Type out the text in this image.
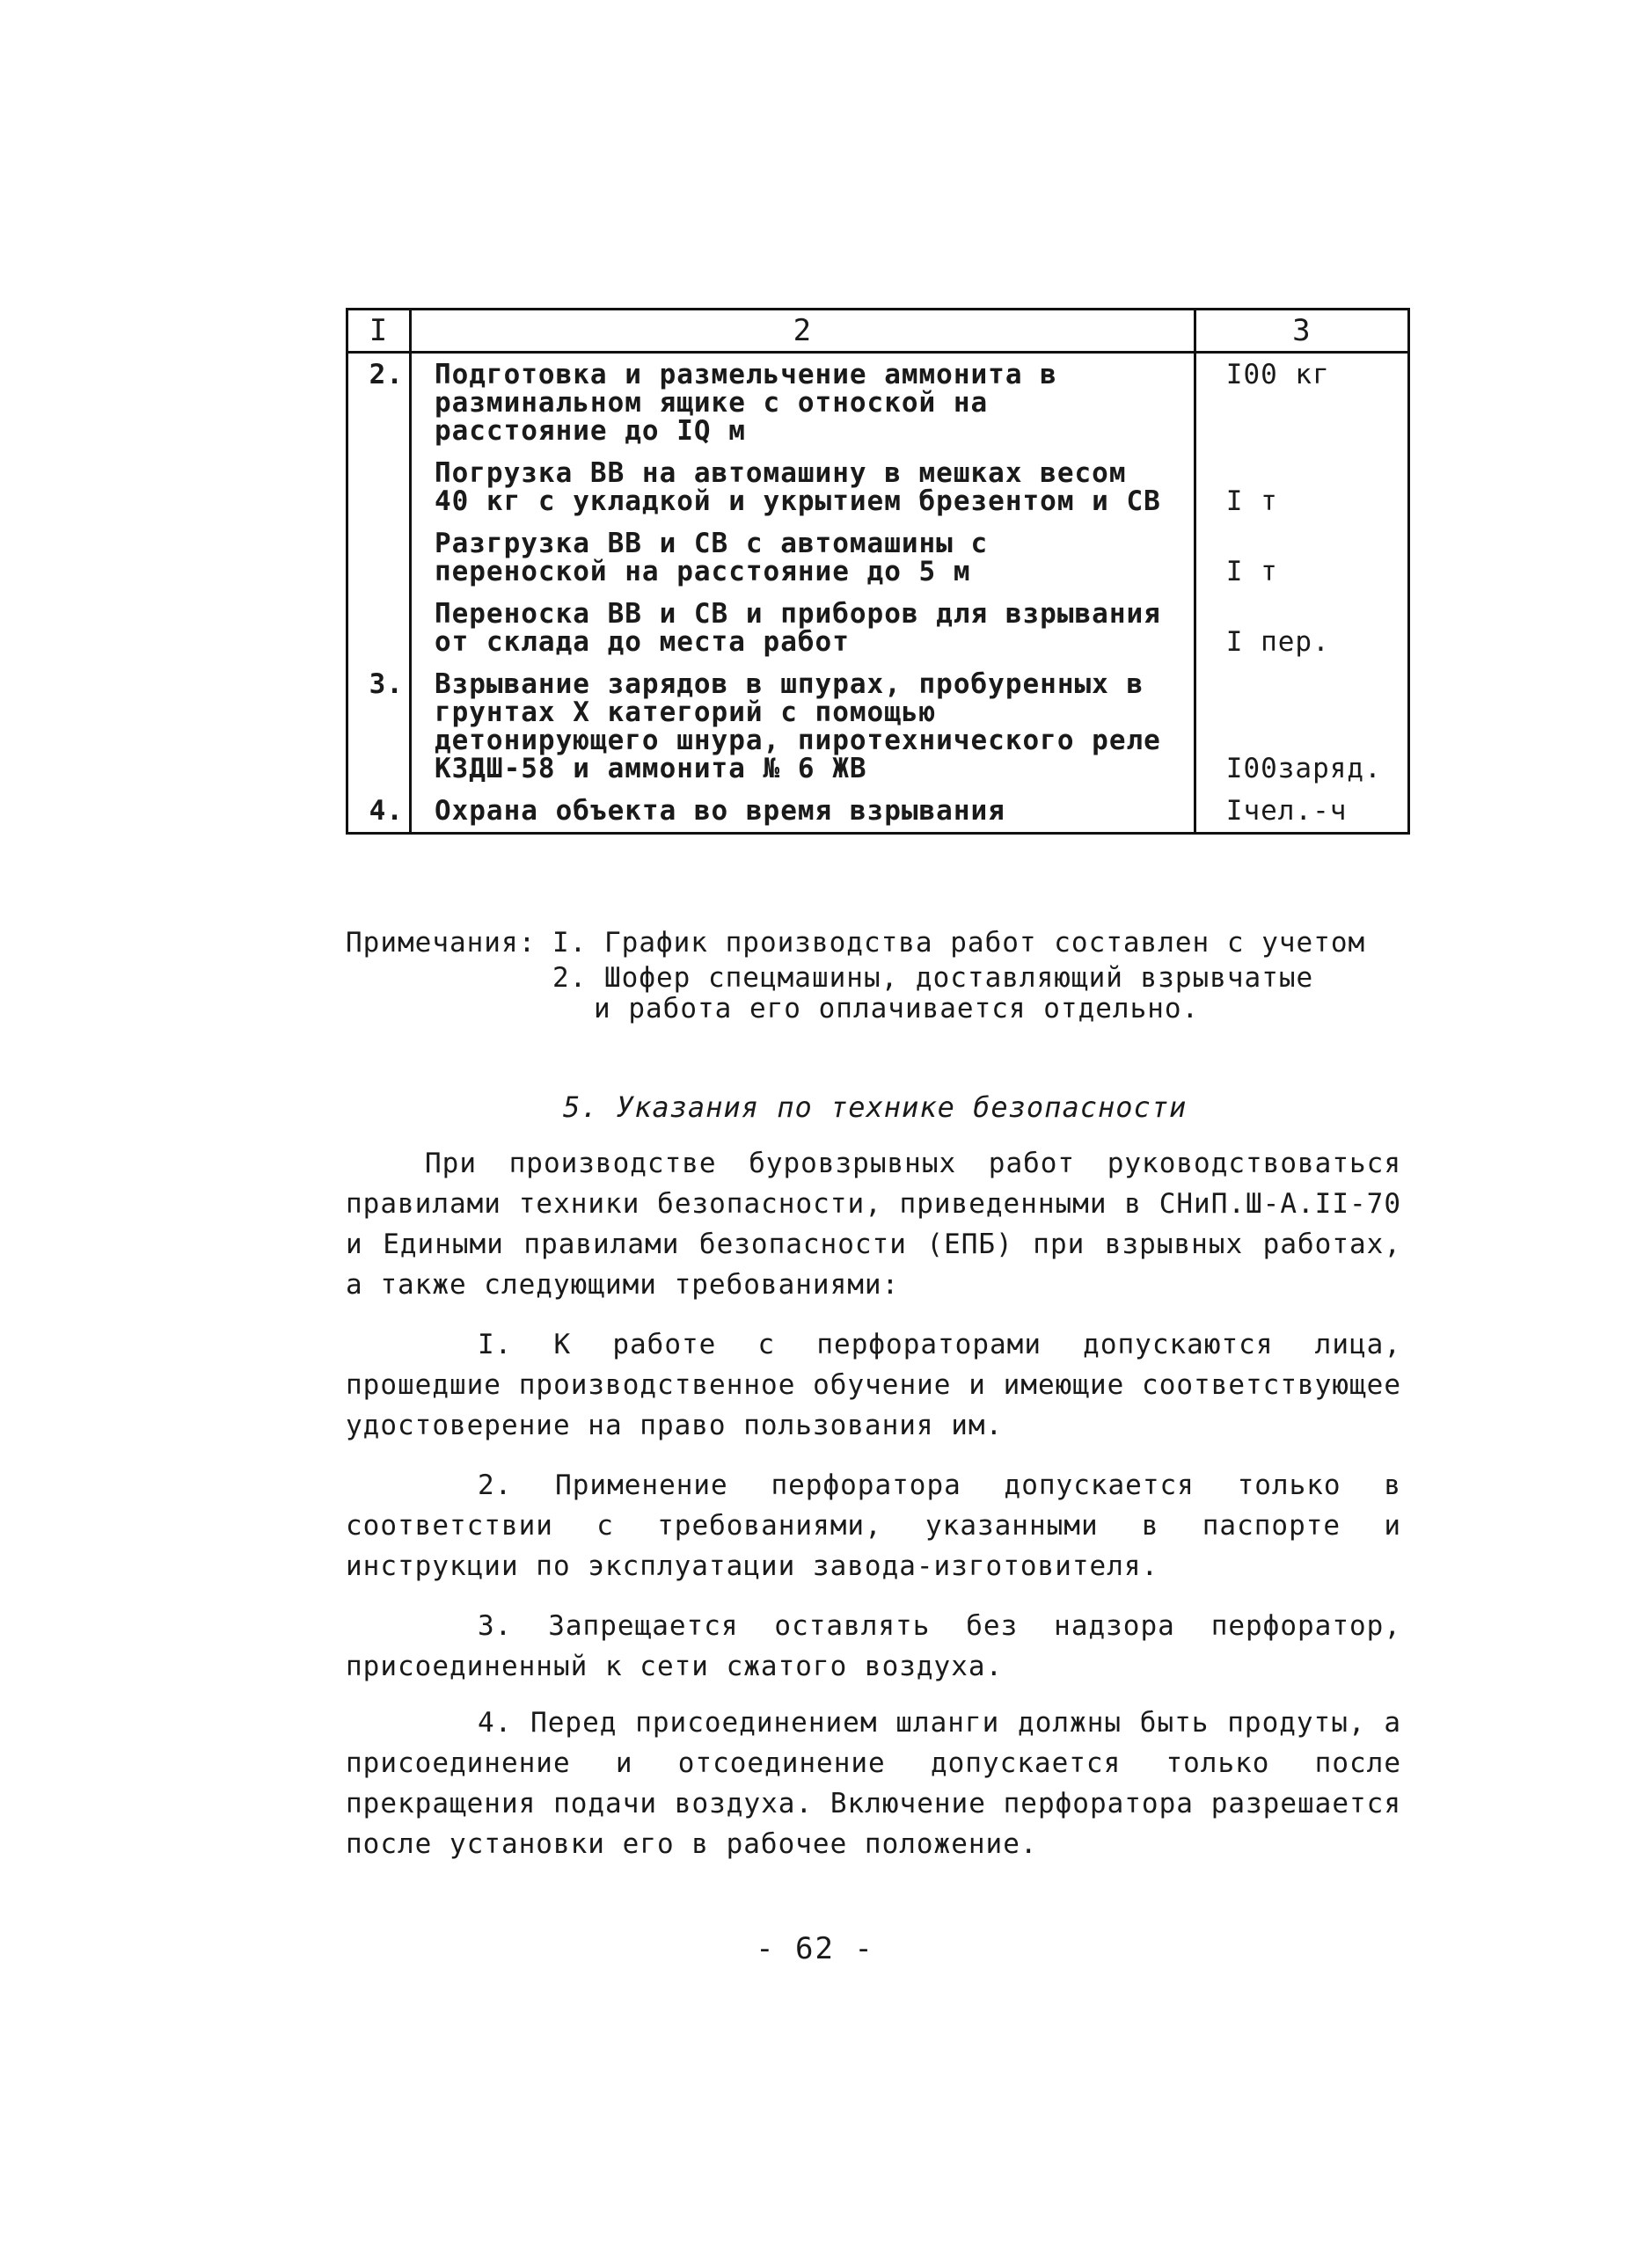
I	2	3
2.	Подготовка и размельчение аммонита в разминальном ящике с отноской на расстояние до IQ м	I00 кг
	Погрузка ВВ на автомашину в мешках весом 40 кг с укладкой и укрытием брезентом и СВ	I т
	Разгрузка ВВ и СВ с автомашины с переноской на расстояние до 5 м	I т
	Переноска ВВ и СВ и приборов для взрывания от склада до места работ	I пер.
3.	Взрывание зарядов в шпурах, пробуренных в грунтах X категорий с помощью детонирующего шнура, пиротехнического реле КЗДШ-58 и аммонита № 6 ЖВ	I00заряд.
4.	Охрана объекта во время взрывания	Iчел.-ч
Примечания: I. График производства работ составлен с учетом
2. Шофер спецмашины, доставляющий взрывчатые
и работа его оплачивается отдельно.
5. Указания по технике безопасности
При производстве буровзрывных работ руководствоваться правилами техники безопасности, приведенными в СНиП.Ш-А.II-70 и Едиными правилами безопасности (ЕПБ) при взрывных работах, а также следующими требованиями:
I. К работе с перфораторами допускаются лица, прошедшие производственное обучение и имеющие соответствующее удостоверение на право пользования им.
2. Применение перфоратора допускается только в соответствии с требованиями, указанными в паспорте и инструкции по эксплуатации завода-изготовителя.
3. Запрещается оставлять без надзора перфоратор, присоединенный к сети сжатого воздуха.
4. Перед присоединением шланги должны быть продуты, а присоединение и отсоединение допускается только после прекращения подачи воздуха. Включение перфоратора разрешается после установки его в рабочее положение.
- 62 -
